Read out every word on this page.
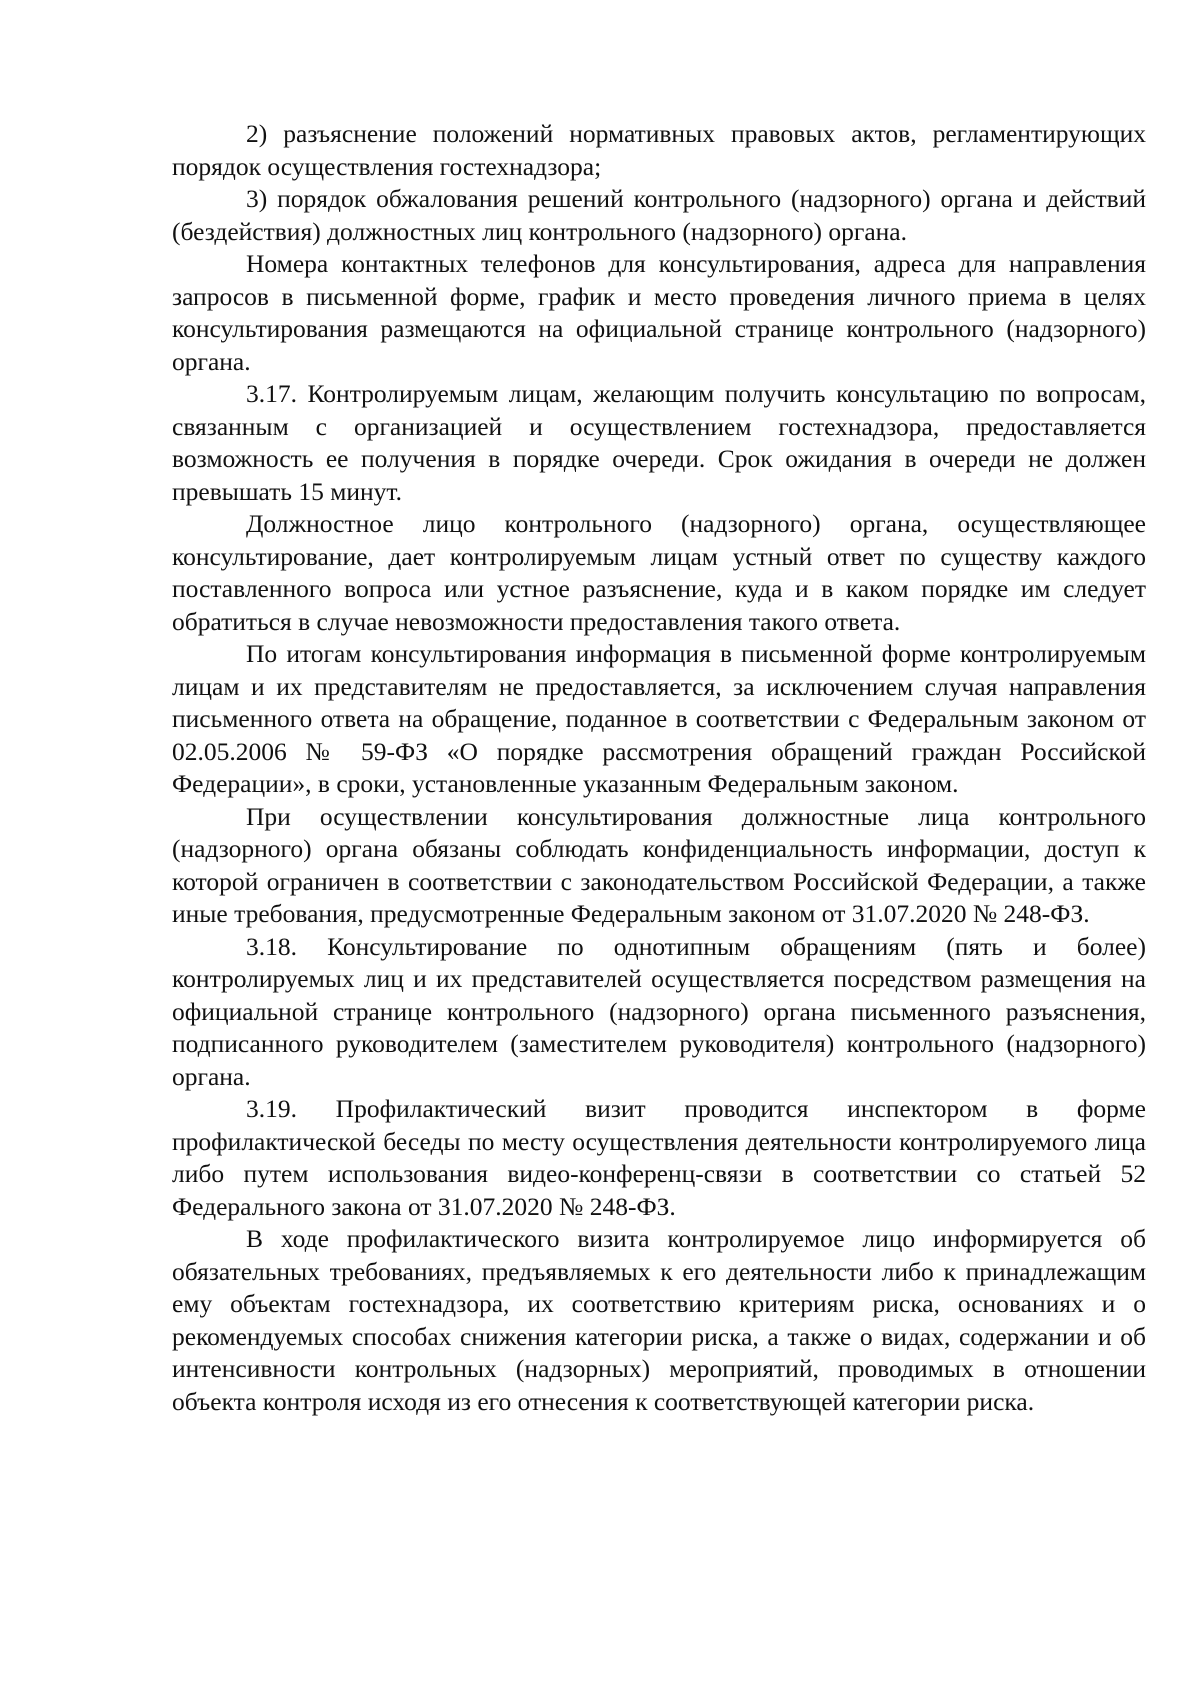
2) разъяснение положений нормативных правовых актов, регламентирующих порядок осуществления гостехнадзора;

3) порядок обжалования решений контрольного (надзорного) органа и действий (бездействия) должностных лиц контрольного (надзорного) органа.

Номера контактных телефонов для консультирования, адреса для направления запросов в письменной форме, график и место проведения личного приема в целях консультирования размещаются на официальной странице контрольного (надзорного) органа.

3.17. Контролируемым лицам, желающим получить консультацию по вопросам, связанным с организацией и осуществлением гостехнадзора, предоставляется возможность ее получения в порядке очереди. Срок ожидания в очереди не должен превышать 15 минут.

Должностное лицо контрольного (надзорного) органа, осуществляющее консультирование, дает контролируемым лицам устный ответ по существу каждого поставленного вопроса или устное разъяснение, куда и в каком порядке им следует обратиться в случае невозможности предоставления такого ответа.

По итогам консультирования информация в письменной форме контролируемым лицам и их представителям не предоставляется, за исключением случая направления письменного ответа на обращение, поданное в соответствии с Федеральным законом от 02.05.2006 № 59-ФЗ «О порядке рассмотрения обращений граждан Российской Федерации», в сроки, установленные указанным Федеральным законом.

При осуществлении консультирования должностные лица контрольного (надзорного) органа обязаны соблюдать конфиденциальность информации, доступ к которой ограничен в соответствии с законодательством Российской Федерации, а также иные требования, предусмотренные Федеральным законом от 31.07.2020 № 248-ФЗ.

3.18. Консультирование по однотипным обращениям (пять и более) контролируемых лиц и их представителей осуществляется посредством размещения на официальной странице контрольного (надзорного) органа письменного разъяснения, подписанного руководителем (заместителем руководителя) контрольного (надзорного) органа.

3.19. Профилактический визит проводится инспектором в форме профилактической беседы по месту осуществления деятельности контролируемого лица либо путем использования видео-конференц-связи в соответствии со статьей 52 Федерального закона от 31.07.2020 № 248-ФЗ.

В ходе профилактического визита контролируемое лицо информируется об обязательных требованиях, предъявляемых к его деятельности либо к принадлежащим ему объектам гостехнадзора, их соответствию критериям риска, основаниях и о рекомендуемых способах снижения категории риска, а также о видах, содержании и об интенсивности контрольных (надзорных) мероприятий, проводимых в отношении объекта контроля исходя из его отнесения к соответствующей категории риска.
